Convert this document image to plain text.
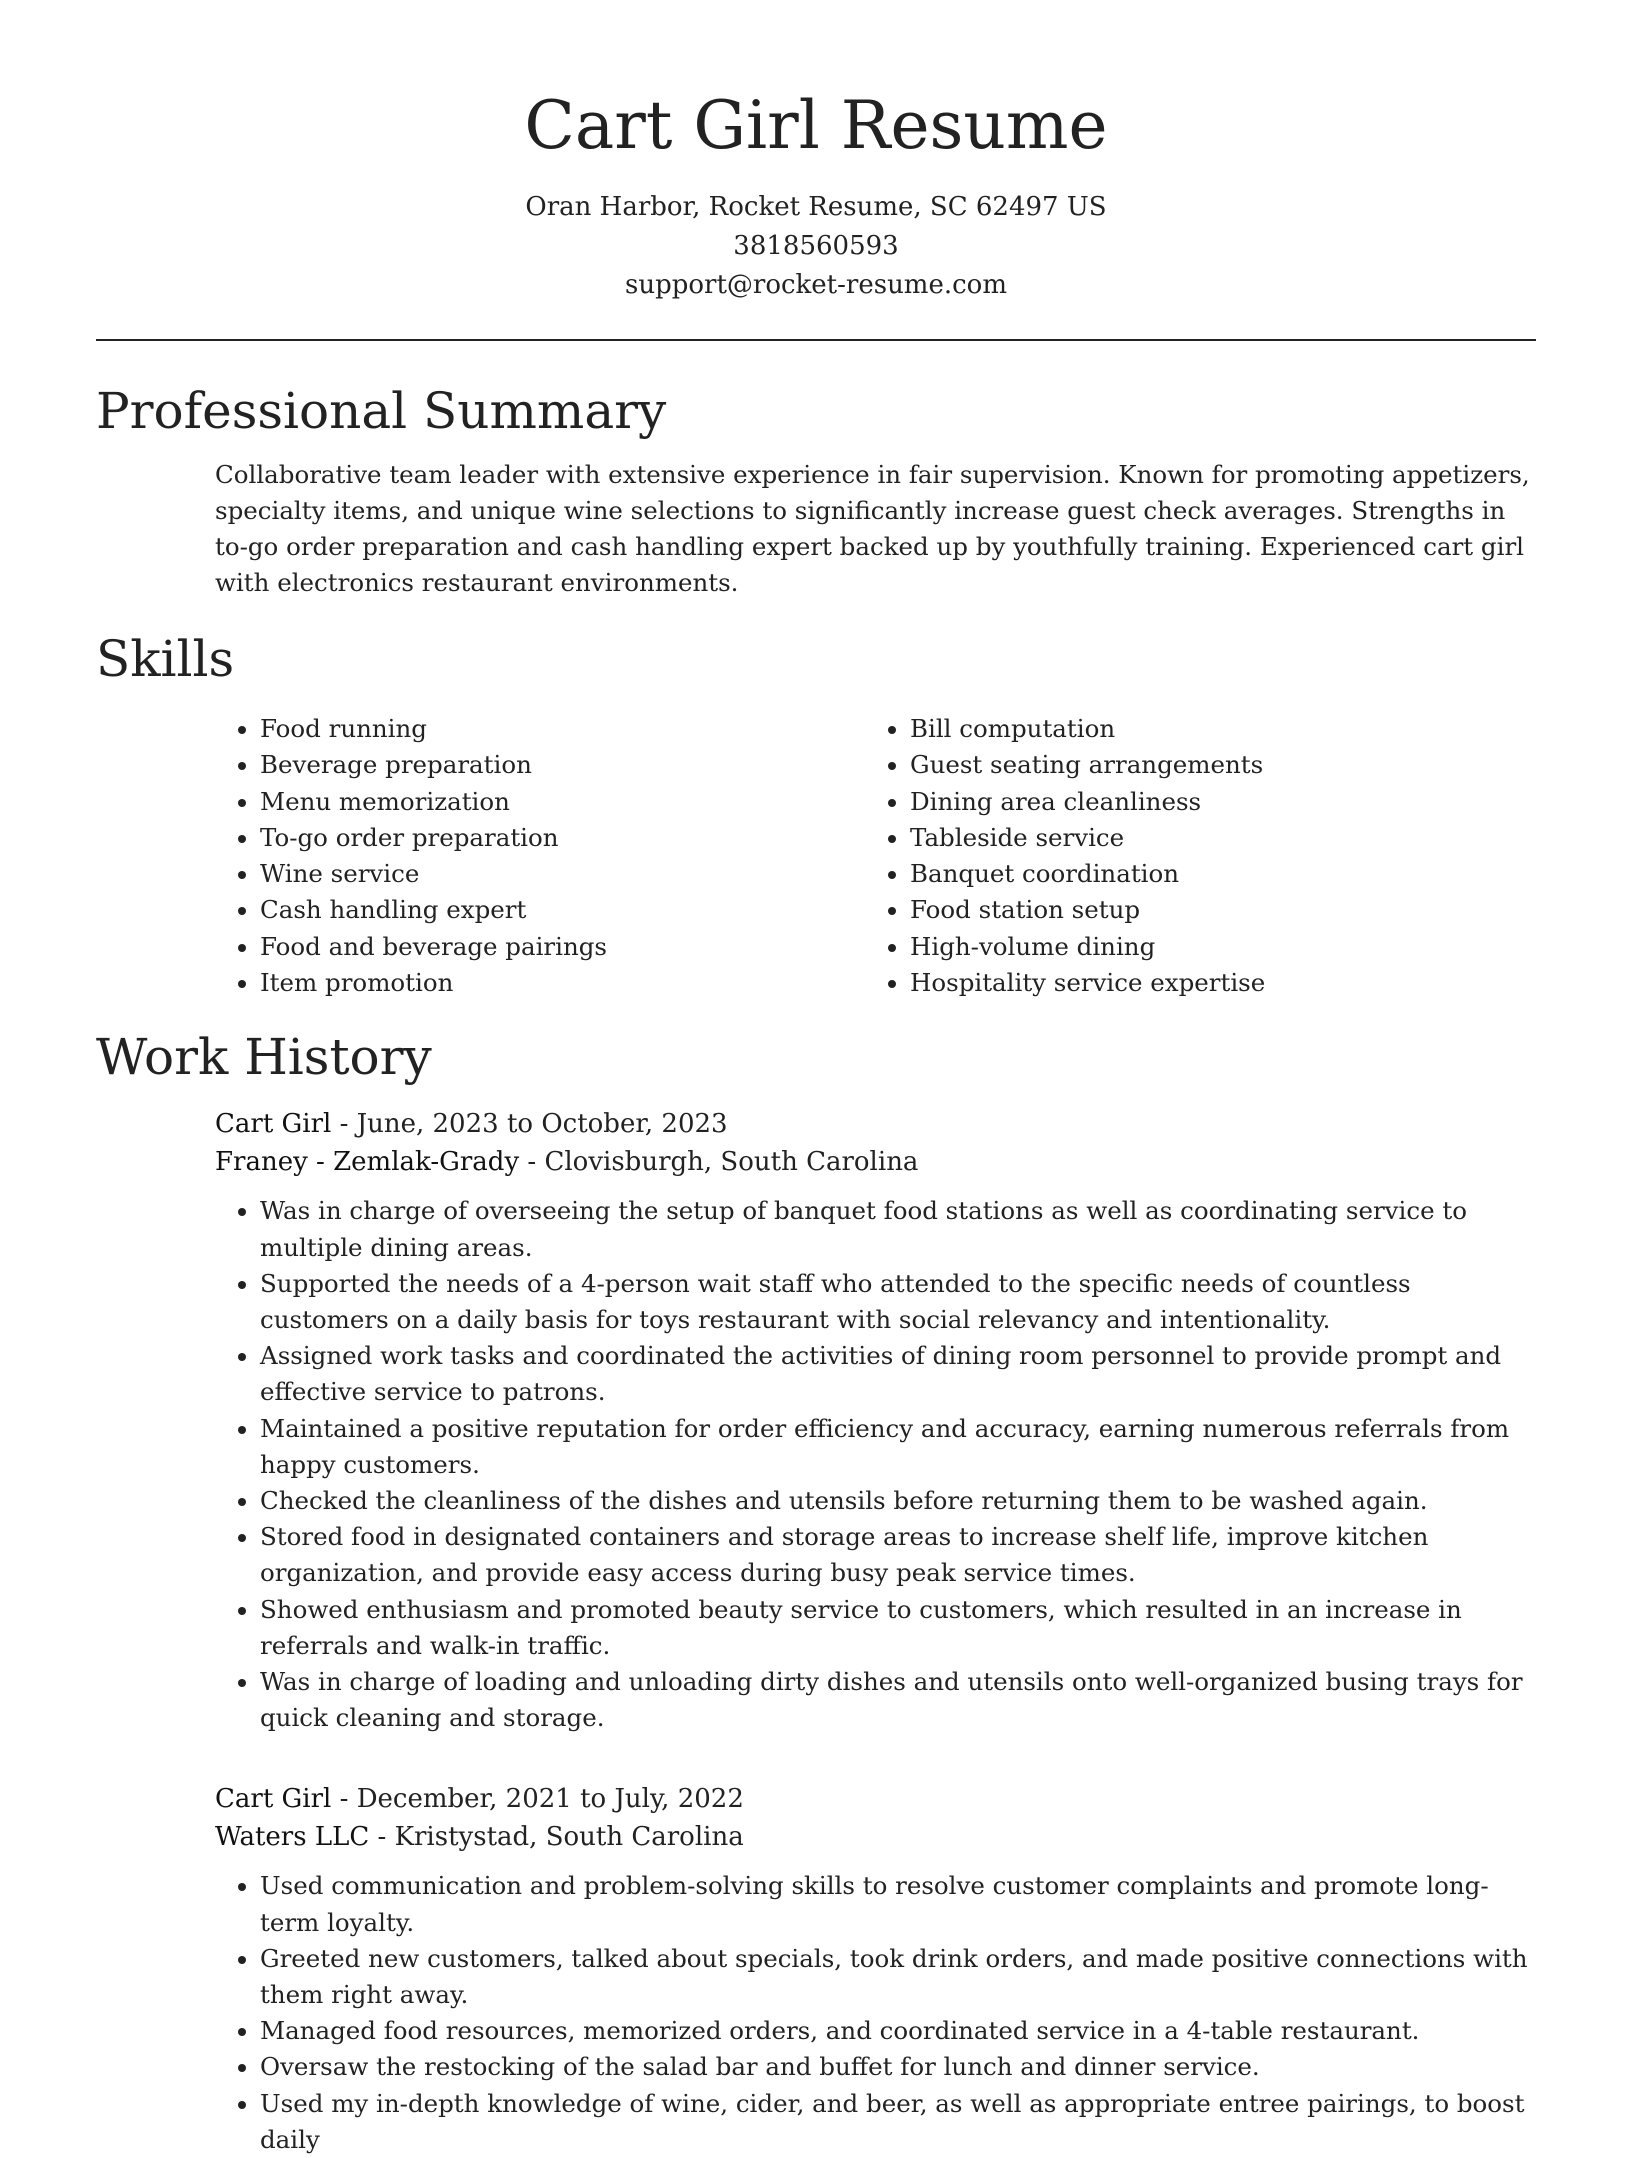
Cart Girl Resume
Oran Harbor, Rocket Resume, SC 62497 US
3818560593
support@rocket-resume.com
Professional Summary

Collaborative team leader with extensive experience in fair supervision. Known for promoting appetizers, specialty items, and unique wine selections to significantly increase guest check averages. Strengths in to-go order preparation and cash handling expert backed up by youthfully training. Experienced cart girl with electronics restaurant environments.

Skills
• Food running
• Beverage preparation
• Menu memorization
• To-go order preparation
• Wine service
• Cash handling expert
• Food and beverage pairings
• Item promotion
• Bill computation
• Guest seating arrangements
• Dining area cleanliness
• Tableside service
• Banquet coordination
• Food station setup
• High-volume dining
• Hospitality service expertise
Work History

Cart Girl - June, 2023 to October, 2023

Franey - Zemlak-Grady - Clovisburgh, South Carolina

• Was in charge of overseeing the setup of banquet food stations as well as coordinating service to multiple dining areas.
• Supported the needs of a 4-person wait staff who attended to the specific needs of countless customers on a daily basis for toys restaurant with social relevancy and intentionality.
• Assigned work tasks and coordinated the activities of dining room personnel to provide prompt and effective service to patrons.
• Maintained a positive reputation for order efficiency and accuracy, earning numerous referrals from happy customers.
• Checked the cleanliness of the dishes and utensils before returning them to be washed again.
• Stored food in designated containers and storage areas to increase shelf life, improve kitchen organization, and provide easy access during busy peak service times.
• Showed enthusiasm and promoted beauty service to customers, which resulted in an increase in referrals and walk-in traffic.
• Was in charge of loading and unloading dirty dishes and utensils onto well-organized busing trays for quick cleaning and storage.

Cart Girl - December, 2021 to July, 2022

Waters LLC - Kristystad, South Carolina

• Used communication and problem-solving skills to resolve customer complaints and promote long-term loyalty.
• Greeted new customers, talked about specials, took drink orders, and made positive connections with them right away.
• Managed food resources, memorized orders, and coordinated service in a 4-table restaurant.
• Oversaw the restocking of the salad bar and buffet for lunch and dinner service.
• Used my in-depth knowledge of wine, cider, and beer, as well as appropriate entree pairings, to boost daily
